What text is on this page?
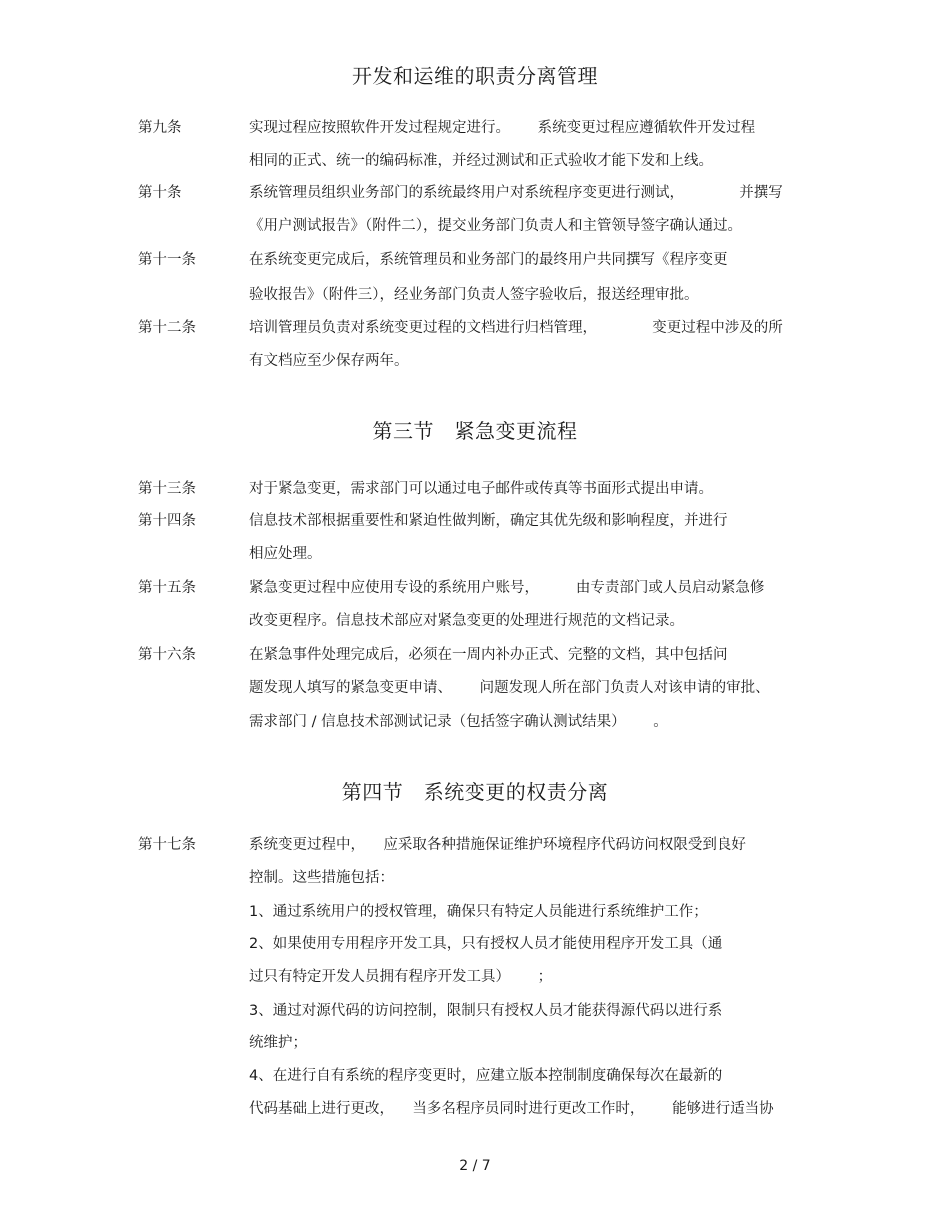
开发和运维的职责分离管理
第九条	实现过程应按照软件开发过程规定进行。      系统变更过程应遵循软件开发过程
相同的正式、统一的编码标准，并经过测试和正式验收才能下发和上线。
第十条	系统管理员组织业务部门的系统最终用户对系统程序变更进行测试，            并撰写
《用户测试报告》（附件二），提交业务部门负责人和主管领导签字确认通过。
第十一条	在系统变更完成后，系统管理员和业务部门的最终用户共同撰写《程序变更
验收报告》（附件三），经业务部门负责人签字验收后，报送经理审批。
第十二条	培训管理员负责对系统变更过程的文档进行归档管理，            变更过程中涉及的所
有文档应至少保存两年。
第三节   紧急变更流程
第十三条	对于紧急变更，需求部门可以通过电子邮件或传真等书面形式提出申请。
第十四条	信息技术部根据重要性和紧迫性做判断，确定其优先级和影响程度，并进行
相应处理。
第十五条	紧急变更过程中应使用专设的系统用户账号，        由专责部门或人员启动紧急修
改变更程序。信息技术部应对紧急变更的处理进行规范的文档记录。
第十六条	在紧急事件处理完成后，必须在一周内补办正式、完整的文档，其中包括问
题发现人填写的紧急变更申请、      问题发现人所在部门负责人对该申请的审批、
需求部门 / 信息技术部测试记录（包括签字确认测试结果）      。
第四节   系统变更的权责分离
第十七条	系统变更过程中，    应采取各种措施保证维护环境程序代码访问权限受到良好
控制。这些措施包括：
1、通过系统用户的授权管理，确保只有特定人员能进行系统维护工作；
2、如果使用专用程序开发工具，只有授权人员才能使用程序开发工具（通
过只有特定开发人员拥有程序开发工具）      ；
3、通过对源代码的访问控制，限制只有授权人员才能获得源代码以进行系
统维护；
4、在进行自有系统的程序变更时，应建立版本控制制度确保每次在最新的
代码基础上进行更改，    当多名程序员同时进行更改工作时，      能够进行适当协
2 / 7
